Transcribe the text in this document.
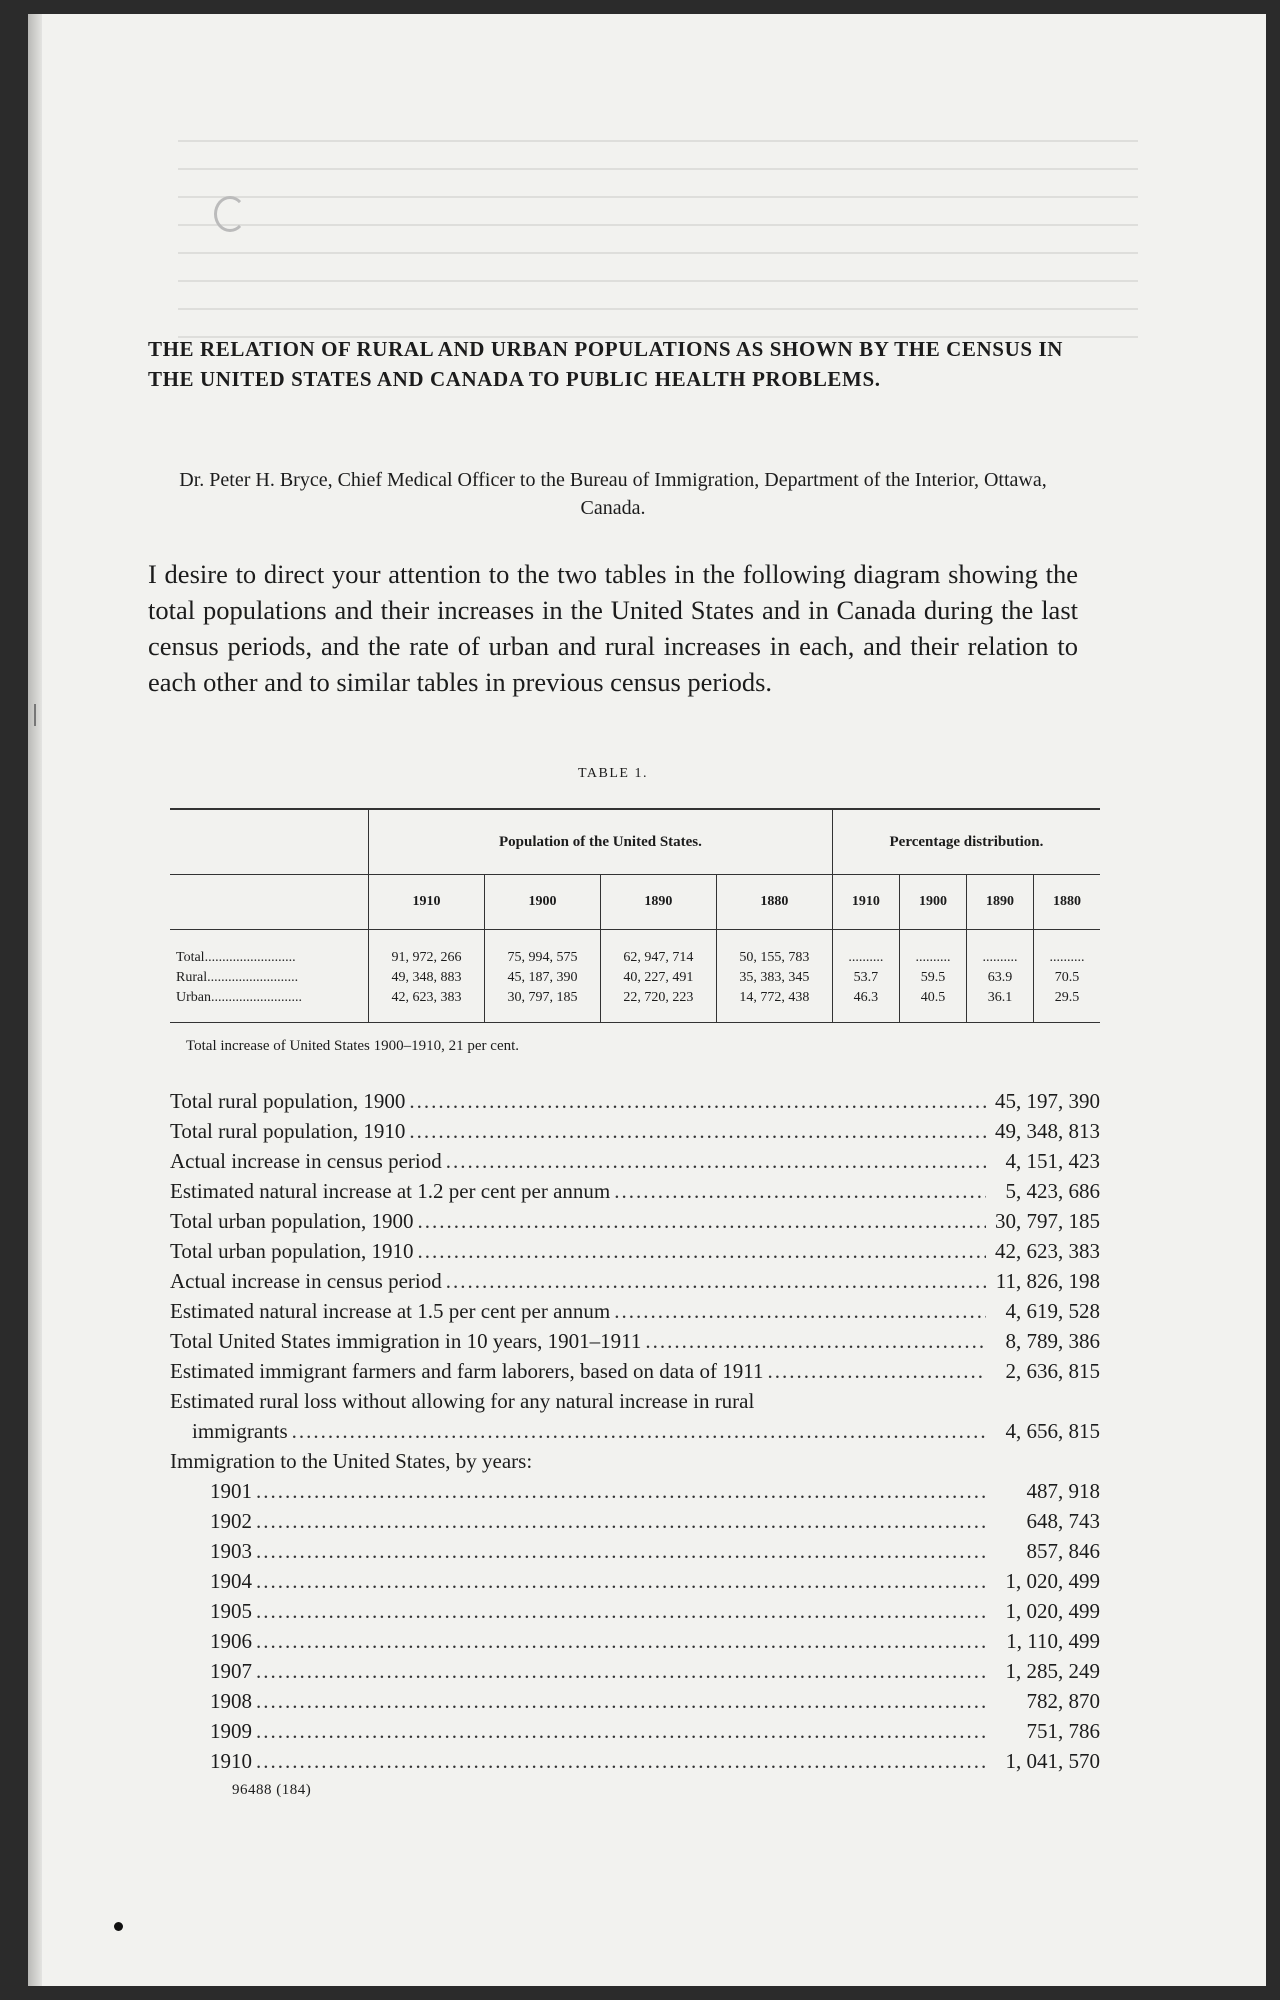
THE RELATION OF RURAL AND URBAN POPULATIONS AS SHOWN BY THE CENSUS IN THE UNITED STATES AND CANADA TO PUBLIC HEALTH PROBLEMS.
Dr. Peter H. Bryce, Chief Medical Officer to the Bureau of Immigration, Department of the Interior, Ottawa, Canada.
I desire to direct your attention to the two tables in the following diagram showing the total populations and their increases in the United States and in Canada during the last census periods, and the rate of urban and rural increases in each, and their relation to each other and to similar tables in previous census periods.
TABLE 1.
	Population of the United States.				Percentage distribution.			
	1910	1900	1890	1880	1910	1900	1890	1880
Total..........................	91, 972, 266	75, 994, 575	62, 947, 714	50, 155, 783	..........	..........	..........	..........
Rural..........................	49, 348, 883	45, 187, 390	40, 227, 491	35, 383, 345	53.7	59.5	63.9	70.5
Urban..........................	42, 623, 383	30, 797, 185	22, 720, 223	14, 772, 438	46.3	40.5	36.1	29.5
Total increase of United States 1900–1910, 21 per cent.
Total rural population, 1900 .....	45, 197, 390
Total rural population, 1910 .....	49, 348, 813
Actual increase in census period .....	4, 151, 423
Estimated natural increase at 1.2 per cent per annum .....	5, 423, 686
Total urban population, 1900 .....	30, 797, 185
Total urban population, 1910 .....	42, 623, 383
Actual increase in census period .....	11, 826, 198
Estimated natural increase at 1.5 per cent per annum .....	4, 619, 528
Total United States immigration in 10 years, 1901–1911 .....	8, 789, 386
Estimated immigrant farmers and farm laborers, based on data of 1911 .....	2, 636, 815
Estimated rural loss without allowing for any natural increase in rural
immigrants .....	4, 656, 815
Immigration to the United States, by years:
1901 .....	487, 918
1902 .....	648, 743
1903 .....	857, 846
1904 .....	1, 020, 499
1905 .....	1, 020, 499
1906 .....	1, 110, 499
1907 .....	1, 285, 249
1908 .....	782, 870
1909 .....	751, 786
1910 .....	1, 041, 570
96488 (184)
